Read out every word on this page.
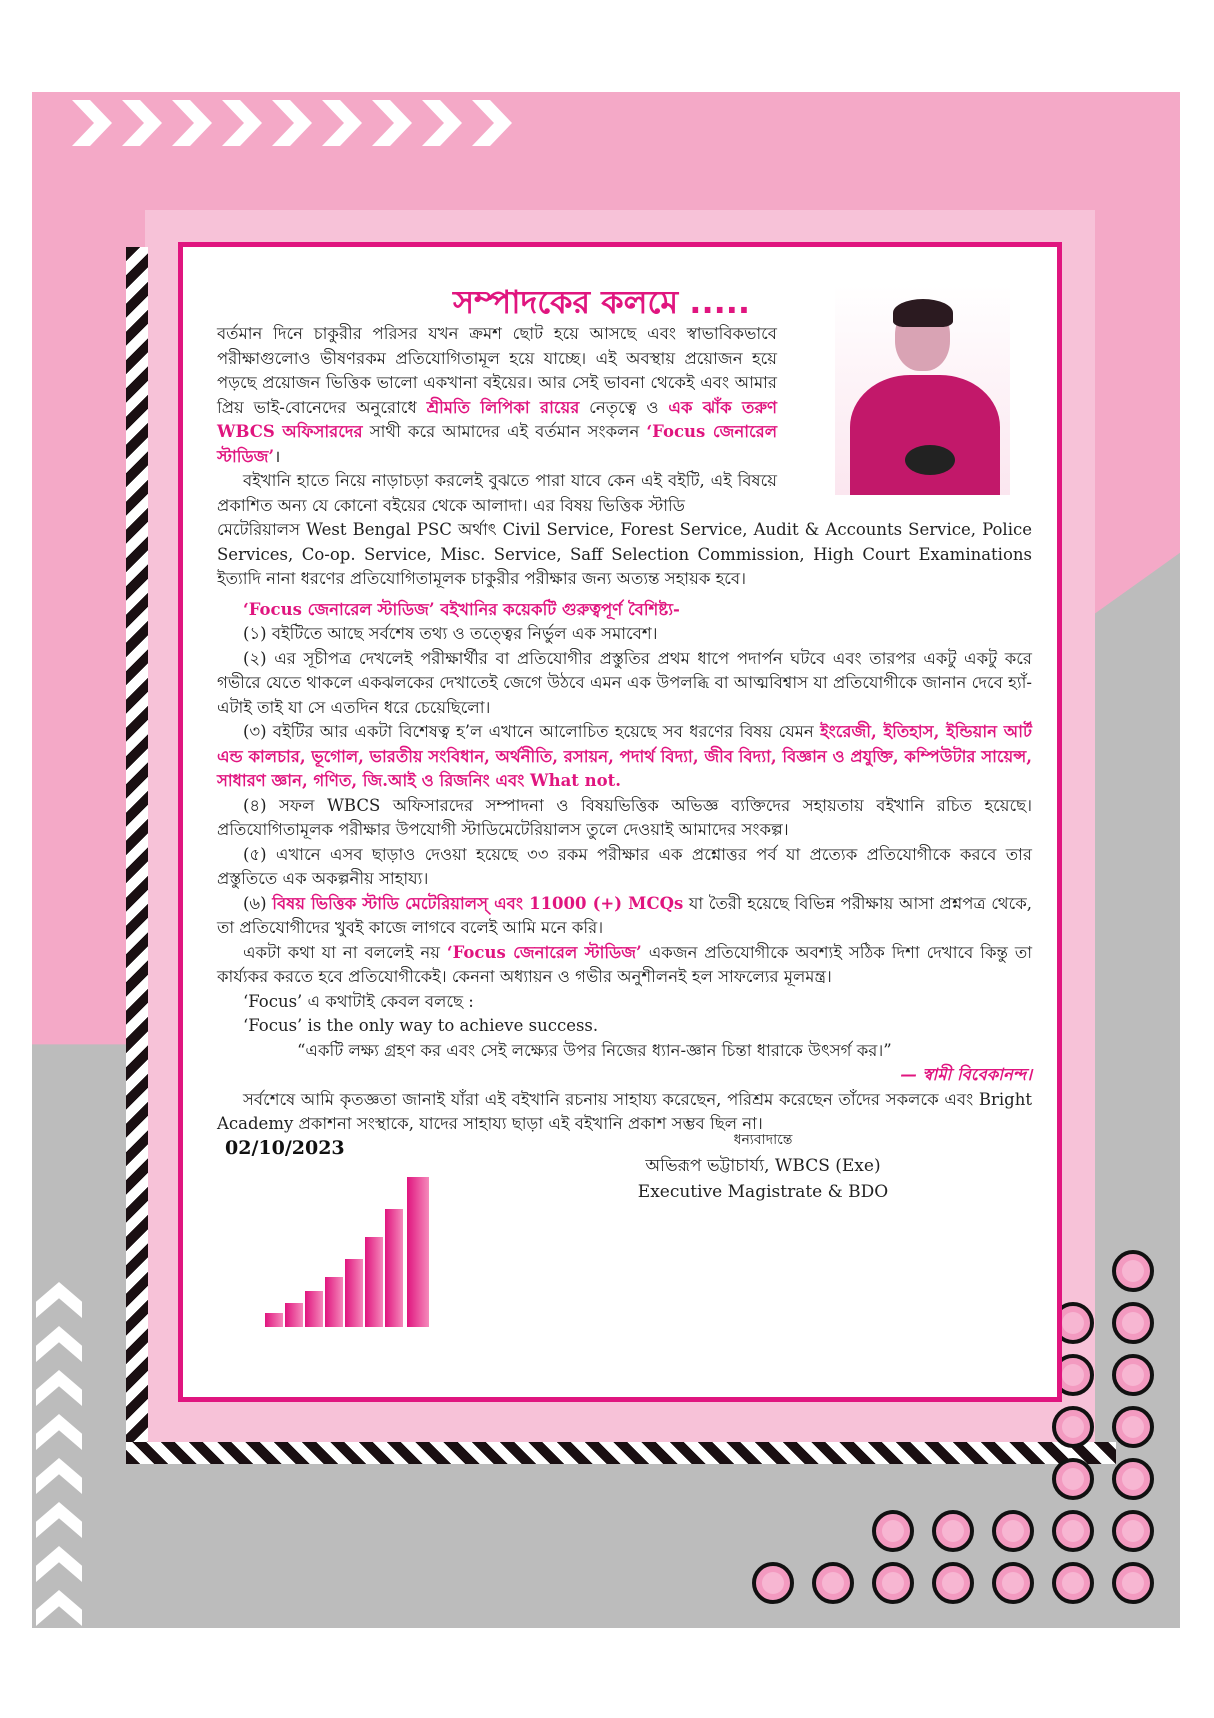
সম্পাদকের কলমে .....

বর্তমান দিনে চাকুরীর পরিসর যখন ক্রমশ ছোট হয়ে আসছে এবং স্বাভাবিকভাবে পরীক্ষাগুলোও ভীষণরকম প্রতিযোগিতামূল হয়ে যাচ্ছে। এই অবস্থায় প্রয়োজন হয়ে পড়ছে প্রয়োজন ভিত্তিক ভালো একখানা বইয়ের। আর সেই ভাবনা থেকেই এবং আমার প্রিয় ভাই-বোনেদের অনুরোধে শ্রীমতি লিপিকা রায়ের নেতৃত্বে ও এক ঝাঁক তরুণ WBCS অফিসারদের সাথী করে আমাদের এই বর্তমান সংকলন ‘Focus জেনারেল স্টাডিজ’।

বইখানি হাতে নিয়ে নাড়াচড়া করলেই বুঝতে পারা যাবে কেন এই বইটি, এই বিষয়ে প্রকাশিত অন্য যে কোনো বইয়ের থেকে আলাদা। এর বিষয় ভিত্তিক স্টাডি

মেটেরিয়ালস West Bengal PSC অর্থাৎ Civil Service, Forest Service, Audit & Accounts Service, Police Services, Co-op. Service, Misc. Service, Saff Selection Commission, High Court Examinations ইত্যাদি নানা ধরণের প্রতিযোগিতামূলক চাকুরীর পরীক্ষার জন্য অত্যন্ত সহায়ক হবে।

‘Focus জেনারেল স্টাডিজ’ বইখানির কয়েকটি গুরুত্বপূর্ণ বৈশিষ্ট্য-

(১) বইটিতে আছে সর্বশেষ তথ্য ও তত্ত্বের নির্ভুল এক সমাবেশ।

(২) এর সূচীপত্র দেখলেই পরীক্ষার্থীর বা প্রতিযোগীর প্রস্তুতির প্রথম ধাপে পদার্পন ঘটবে এবং তারপর একটু একটু করে গভীরে যেতে থাকলে একঝলকের দেখাতেই জেগে উঠবে এমন এক উপলব্ধি বা আত্মবিশ্বাস যা প্রতিযোগীকে জানান দেবে হ্যাঁ- এটাই তাই যা সে এতদিন ধরে চেয়েছিলো।

(৩) বইটির আর একটা বিশেষত্ব হ’ল এখানে আলোচিত হয়েছে সব ধরণের বিষয় যেমন ইংরেজী, ইতিহাস, ইন্ডিয়ান আর্ট এন্ড কালচার, ভূগোল, ভারতীয় সংবিধান, অর্থনীতি, রসায়ন, পদার্থ বিদ্যা, জীব বিদ্যা, বিজ্ঞান ও প্রযুক্তি, কম্পিউটার সায়েন্স, সাধারণ জ্ঞান, গণিত, জি.আই ও রিজনিং এবং What not.

(৪) সফল WBCS অফিসারদের সম্পাদনা ও বিষয়ভিত্তিক অভিজ্ঞ ব্যক্তিদের সহায়তায় বইখানি রচিত হয়েছে। প্রতিযোগিতামূলক পরীক্ষার উপযোগী স্টাডিমেটেরিয়ালস তুলে দেওয়াই আমাদের সংকল্প।

(৫) এখানে এসব ছাড়াও দেওয়া হয়েছে ৩৩ রকম পরীক্ষার এক প্রশ্নোত্তর পর্ব যা প্রত্যেক প্রতিযোগীকে করবে তার প্রস্তুতিতে এক অকল্পনীয় সাহায্য।

(৬) বিষয় ভিত্তিক স্টাডি মেটেরিয়ালস্ এবং 11000 (+) MCQs যা তৈরী হয়েছে বিভিন্ন পরীক্ষায় আসা প্রশ্নপত্র থেকে, তা প্রতিযোগীদের খুবই কাজে লাগবে বলেই আমি মনে করি।

একটা কথা যা না বললেই নয় ‘Focus জেনারেল স্টাডিজ’ একজন প্রতিযোগীকে অবশ্যই সঠিক দিশা দেখাবে কিন্তু তা কার্য্যকর করতে হবে প্রতিযোগীকেই। কেননা অধ্যায়ন ও গভীর অনুশীলনই হল সাফল্যের মূলমন্ত্র।

‘Focus’ এ কথাটাই কেবল বলছে :

‘Focus’ is the only way to achieve success.

“একটি লক্ষ্য গ্রহণ কর এবং সেই লক্ষ্যের উপর নিজের ধ্যান-জ্ঞান চিন্তা ধারাকে উৎসর্গ কর।”

— স্বামী বিবেকানন্দ।

সর্বশেষে আমি কৃতজ্ঞতা জানাই যাঁরা এই বইখানি রচনায় সাহায্য করেছেন, পরিশ্রম করেছেন তাঁদের সকলকে এবং Bright Academy প্রকাশনা সংস্থাকে, যাদের সাহায্য ছাড়া এই বইখানি প্রকাশ সম্ভব ছিল না।

02/10/2023	ধন্যবাদান্তে
অভিরূপ ভট্টাচার্য্য, WBCS (Exe)
Executive Magistrate & BDO
